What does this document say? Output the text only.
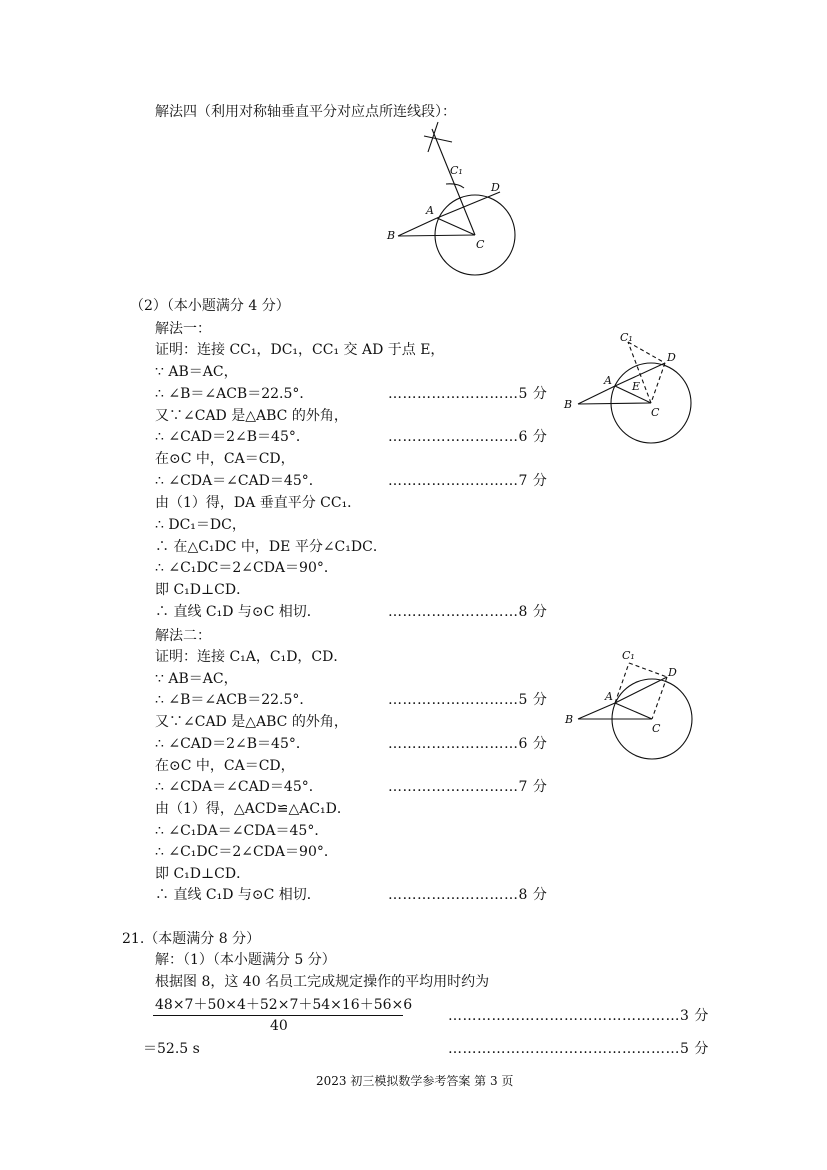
解法四（利用对称轴垂直平分对应点所连线段）：
C₁
D
A
B
C
（2）（本小题满分 4 分）
解法一：
证明：连接 CC₁，DC₁，CC₁ 交 AD 于点 E，
∵ AB＝AC，
∴ ∠B＝∠ACB＝22.5°．
又∵∠CAD 是△ABC 的外角，
∴ ∠CAD＝2∠B＝45°．
在⊙C 中，CA＝CD，
∴ ∠CDA＝∠CAD＝45°．
由（1）得，DA 垂直平分 CC₁．
∴ DC₁＝DC，
∴ 在△C₁DC 中，DE 平分∠C₁DC．
∴ ∠C₁DC＝2∠CDA＝90°．
即 C₁D⊥CD．
∴ 直线 C₁D 与⊙C 相切．
………………………5 分
………………………6 分
………………………7 分
………………………8 分
C₁
D
A E
B
C
解法二：
证明：连接 C₁A，C₁D，CD．
∵ AB＝AC，
∴ ∠B＝∠ACB＝22.5°．
又∵∠CAD 是△ABC 的外角，
∴ ∠CAD＝2∠B＝45°．
在⊙C 中，CA＝CD，
∴ ∠CDA＝∠CAD＝45°．
由（1）得，△ACD≌△AC₁D．
∴ ∠C₁DA＝∠CDA＝45°．
∴ ∠C₁DC＝2∠CDA＝90°．
即 C₁D⊥CD．
∴ 直线 C₁D 与⊙C 相切．
………………………5 分
………………………6 分
………………………7 分
………………………8 分
C₁
D
A
B
C
21.（本题满分 8 分）
解：（1）（本小题满分 5 分）
根据图 8，这 40 名员工完成规定操作的平均用时约为
48×7＋50×4＋52×7＋54×16＋56×6
40
…………………………………………3 分
＝52.5 s	…………………………………………5 分
2023 初三模拟数学参考答案 第 3 页
